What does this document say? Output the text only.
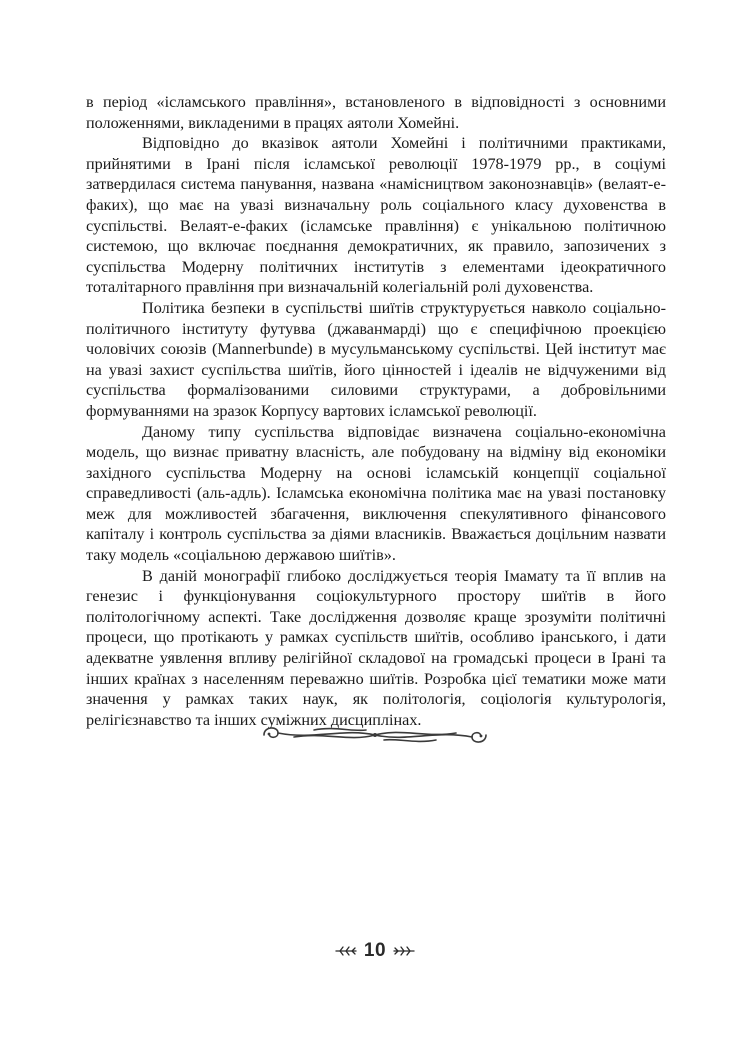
в період «ісламського правління», встановленого в відповідності з основними положеннями, викладеними в працях аятоли Хомейні.

Відповідно до вказівок аятоли Хомейні і політичними практиками, прийнятими в Ірані після ісламської революції 1978-1979 рр., в соціумі затвердилася система панування, названа «намісництвом законознавців» (велаят-е-факих), що має на увазі визначальну роль соціального класу духовенства в суспільстві. Велаят-е-факих (ісламське правління) є унікальною політичною системою, що включає поєднання демократичних, як правило, запозичених з суспільства Модерну політичних інститутів з елементами ідеократичного тоталітарного правління при визначальній колегіальній ролі духовенства.

Політика безпеки в суспільстві шиїтів структурується навколо соціально-політичного інституту футувва (джаванмарді) що є специфічною проекцією чоловічих союзів (Mannerbunde) в мусульманському суспільстві. Цей інститут має на увазі захист суспільства шиїтів, його цінностей і ідеалів не відчуженими від суспільства формалізованими силовими структурами, а добровільними формуваннями на зразок Корпусу вартових ісламської революції.

Даному типу суспільства відповідає визначена соціально-економічна модель, що визнає приватну власність, але побудовану на відміну від економіки західного суспільства Модерну на основі ісламській концепції соціальної справедливості (аль-адль). Ісламська економічна політика має на увазі постановку меж для можливостей збагачення, виключення спекулятивного фінансового капіталу і контроль суспільства за діями власників. Вважається доцільним назвати таку модель «соціальною державою шиїтів».

В даній монографії глибоко досліджується теорія Імамату та її вплив на генезис і функціонування соціокультурного простору шиїтів в його політологічному аспекті. Таке дослідження дозволяє краще зрозуміти політичні процеси, що протікають у рамках суспільств шиїтів, особливо іранського, і дати адекватне уявлення впливу релігійної складової на громадські процеси в Ірані та інших країнах з населенням переважно шиїтів. Розробка цієї тематики може мати значення у рамках таких наук, як політологія, соціологія культурологія, релігієзнавство та інших суміжних дисциплінах.

10
